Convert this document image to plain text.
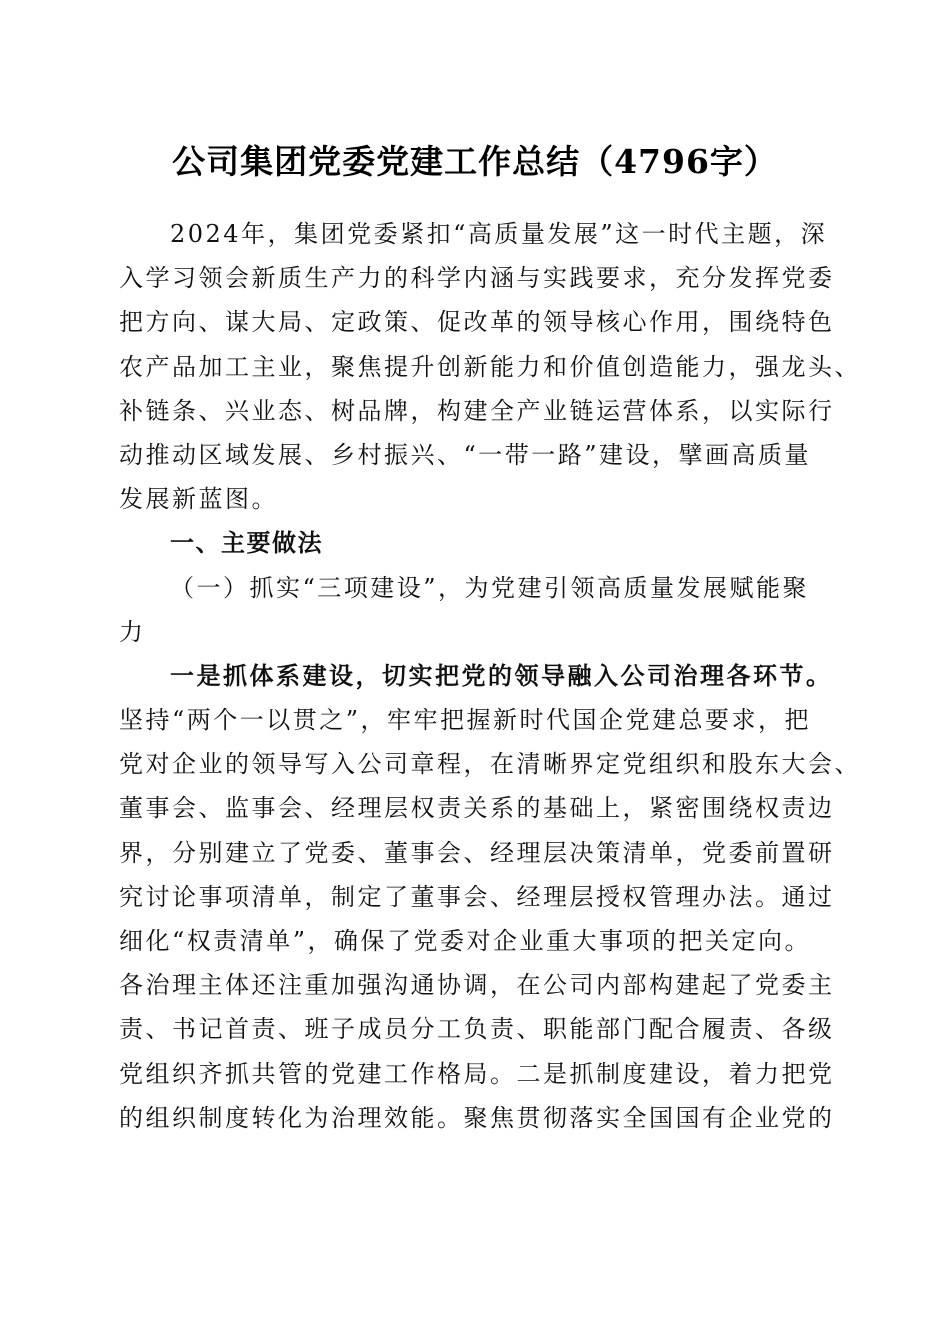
公司集团党委党建工作总结（4796字）
2024年，集团党委紧扣“高质量发展”这一时代主题，深
入学习领会新质生产力的科学内涵与实践要求，充分发挥党委
把方向、谋大局、定政策、促改革的领导核心作用，围绕特色
农产品加工主业，聚焦提升创新能力和价值创造能力，强龙头、
补链条、兴业态、树品牌，构建全产业链运营体系，以实际行
动推动区域发展、乡村振兴、“一带一路”建设，擘画高质量
发展新蓝图。
一、主要做法
（一）抓实“三项建设”，为党建引领高质量发展赋能聚
力
一是抓体系建设，切实把党的领导融入公司治理各环节。
坚持“两个一以贯之”，牢牢把握新时代国企党建总要求，把
党对企业的领导写入公司章程，在清晰界定党组织和股东大会、
董事会、监事会、经理层权责关系的基础上，紧密围绕权责边
界，分别建立了党委、董事会、经理层决策清单，党委前置研
究讨论事项清单，制定了董事会、经理层授权管理办法。通过
细化“权责清单”，确保了党委对企业重大事项的把关定向。
各治理主体还注重加强沟通协调，在公司内部构建起了党委主
责、书记首责、班子成员分工负责、职能部门配合履责、各级
党组织齐抓共管的党建工作格局。二是抓制度建设，着力把党
的组织制度转化为治理效能。聚焦贯彻落实全国国有企业党的
